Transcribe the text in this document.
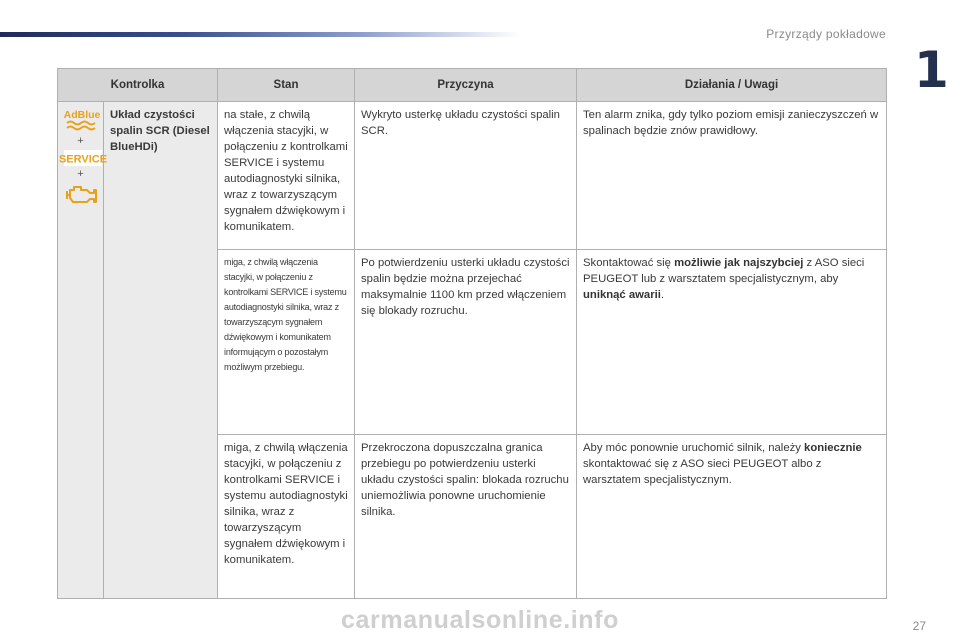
Przyrządy pokładowe
1
Kontrolka		Stan	Przyczyna	Działania / Uwagi

AdBlue
+
SERVICE
+	Układ czystości spalin SCR (Diesel BlueHDi)	na stałe, z chwilą włączenia stacyjki, w połączeniu z kontrolkami SERVICE i systemu autodiagnostyki silnika, wraz z towarzyszącym sygnałem dźwiękowym i komunikatem.	Wykryto usterkę układu czystości spalin SCR.	Ten alarm znika, gdy tylko poziom emisji zanieczyszczeń w spalinach będzie znów prawidłowy.
		miga, z chwilą włączenia stacyjki, w połączeniu z kontrolkami SERVICE i systemu autodiagnostyki silnika, wraz z towarzyszącym sygnałem dźwiękowym i komunikatem informującym o pozostałym możliwym przebiegu.	Po potwierdzeniu usterki układu czystości spalin będzie można przejechać maksymalnie 1100 km przed włączeniem się blokady rozruchu.	Skontaktować się możliwie jak najszybciej z ASO sieci PEUGEOT lub z warsztatem specjalistycznym, aby uniknąć awarii.
		miga, z chwilą włączenia stacyjki, w połączeniu z kontrolkami SERVICE i systemu autodiagnostyki silnika, wraz z towarzyszącym sygnałem dźwiękowym i komunikatem.	Przekroczona dopuszczalna granica przebiegu po potwierdzeniu usterki układu czystości spalin: blokada rozruchu uniemożliwia ponowne uruchomienie silnika.	Aby móc ponownie uruchomić silnik, należy koniecznie skontaktować się z ASO sieci PEUGEOT albo z warsztatem specjalistycznym.
27
carmanualsonline.info
